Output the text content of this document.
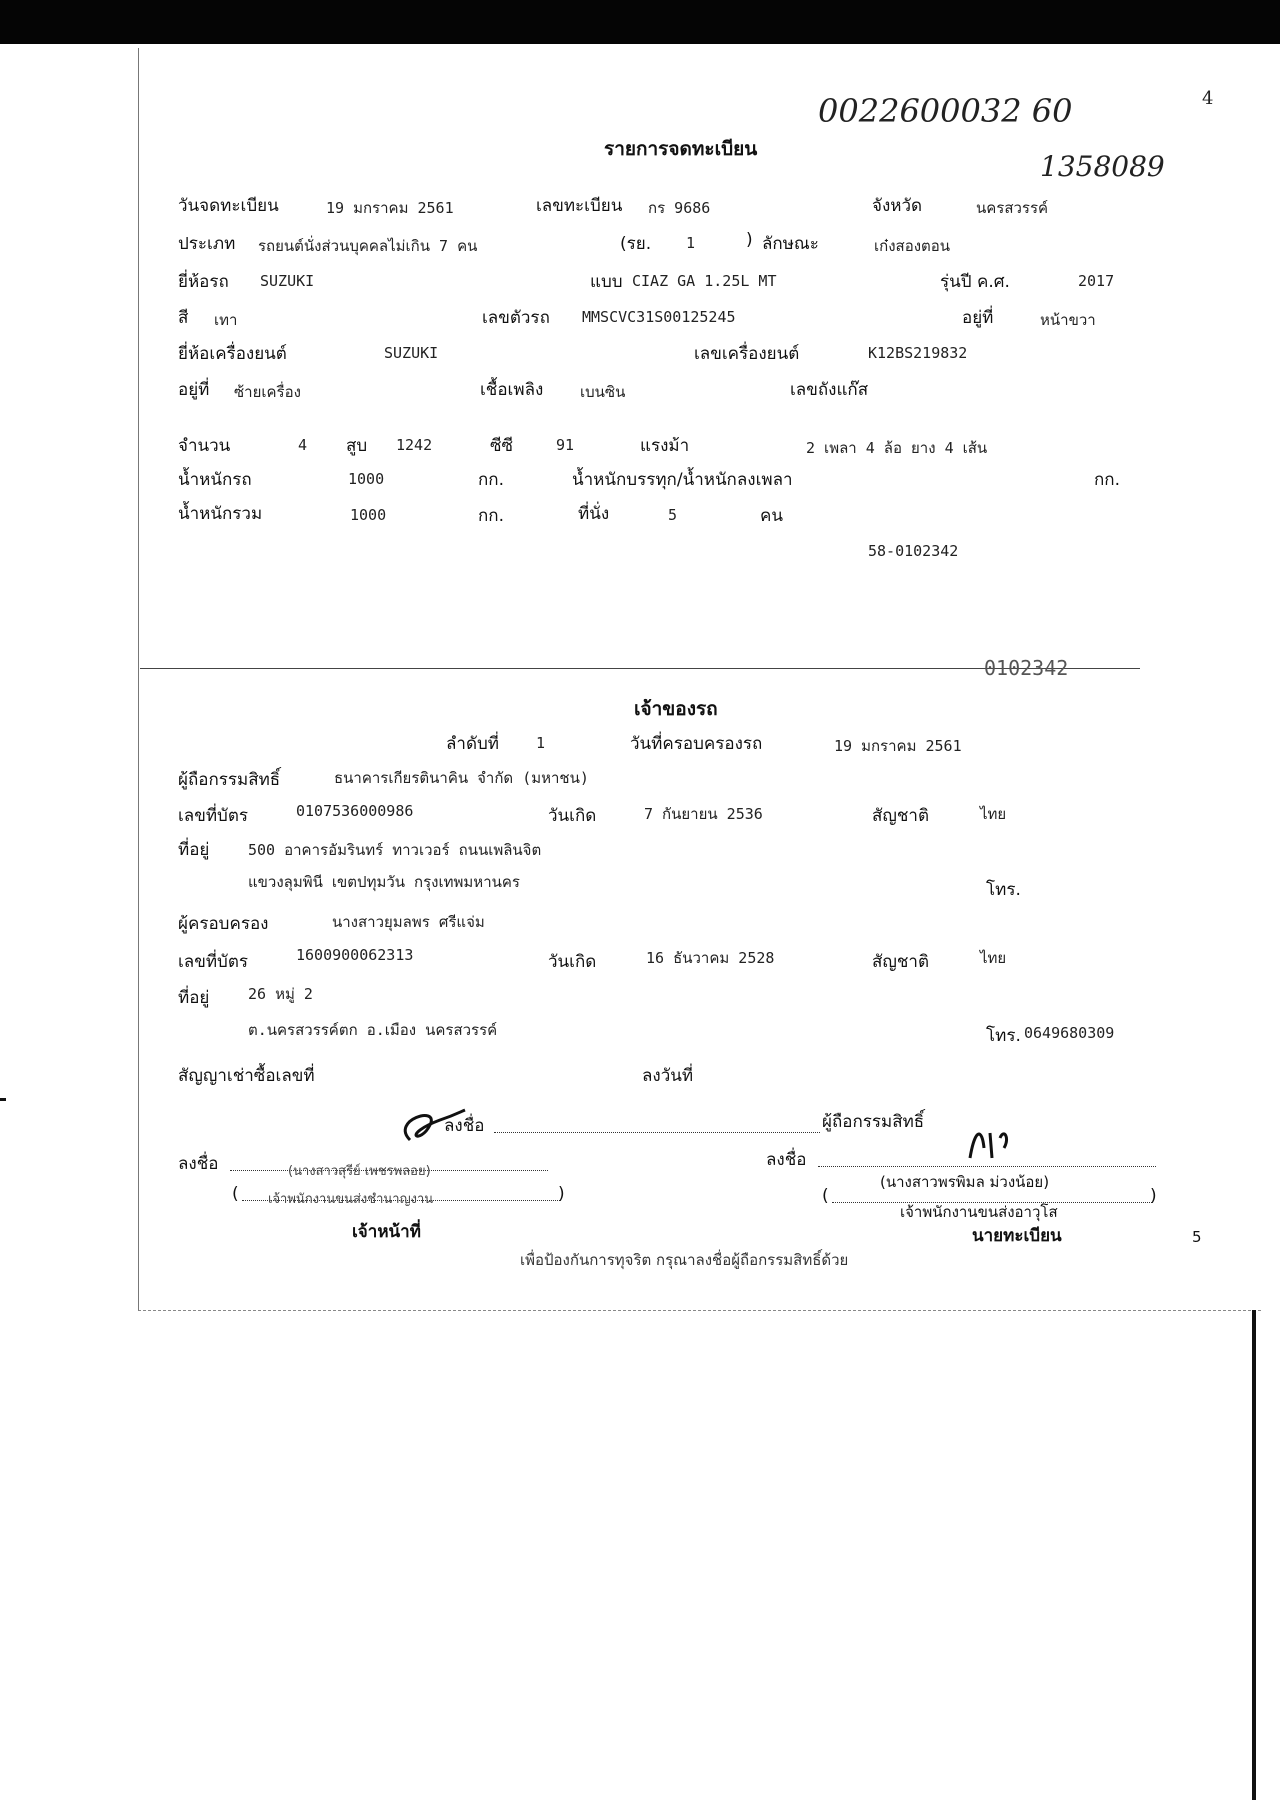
0022600032 60	4
1358089
รายการจดทะเบียน
วันจดทะเบียน	19 มกราคม 2561	เลขทะเบียน กร 9686	จังหวัด	นครสวรรค์
ประเภท รถยนต์นั่งส่วนบุคคลไม่เกิน 7 คน	(รย. 1	) ลักษณะ	เก๋งสองตอน
ยี่ห้อรถ SUZUKI	แบบ CIAZ GA 1.25L MT	รุ่นปี ค.ศ.	2017
สี เทา	เลขตัวรถ MMSCVC31S00125245	อยู่ที่	หน้าขวา
ยี่ห้อเครื่องยนต์	SUZUKI	เลขเครื่องยนต์	K12BS219832
อยู่ที่ ซ้ายเครื่อง	เชื้อเพลิง เบนซิน	เลขถังแก๊ส
จำนวน	4 สูบ 1242	ซีซี	91	แรงม้า	2 เพลา 4 ล้อ ยาง 4 เส้น
น้ำหนักรถ	1000	กก.	น้ำหนักบรรทุก/น้ำหนักลงเพลา	กก.
น้ำหนักรวม	1000	กก.	ที่นั่ง	5	คน
58-0102342
0102342
เจ้าของรถ
ลำดับที่ 1	วันที่ครอบครองรถ	19 มกราคม 2561
ผู้ถือกรรมสิทธิ์	ธนาคารเกียรตินาคิน จำกัด (มหาชน)
เลขที่บัตร	0107536000986	วันเกิด	7 กันยายน 2536	สัญชาติ	ไทย
ที่อยู่	500 อาคารอัมรินทร์ ทาวเวอร์ ถนนเพลินจิต
แขวงลุมพินี เขตปทุมวัน กรุงเทพมหานคร	โทร.
ผู้ครอบครอง	นางสาวยุมลพร ศรีแจ่ม
เลขที่บัตร	1600900062313	วันเกิด	16 ธันวาคม 2528	สัญชาติ	ไทย
ที่อยู่	26 หมู่ 2
ต.นครสวรรค์ตก อ.เมือง นครสวรรค์	โทร. 0649680309
สัญญาเช่าซื้อเลขที่	ลงวันที่
ลงชื่อ	ผู้ถือกรรมสิทธิ์
ลงชื่อ	(นางสาวสุรีย์ เพชรพลอย)
(	)
เจ้าพนักงานขนส่งชำนาญงาน
เจ้าหน้าที่
ลงชื่อ
(นางสาวพรพิมล ม่วงน้อย)
(	)
เจ้าพนักงานขนส่งอาวุโส
นายทะเบียน
เพื่อป้องกันการทุจริต กรุณาลงชื่อผู้ถือกรรมสิทธิ์ด้วย
5
